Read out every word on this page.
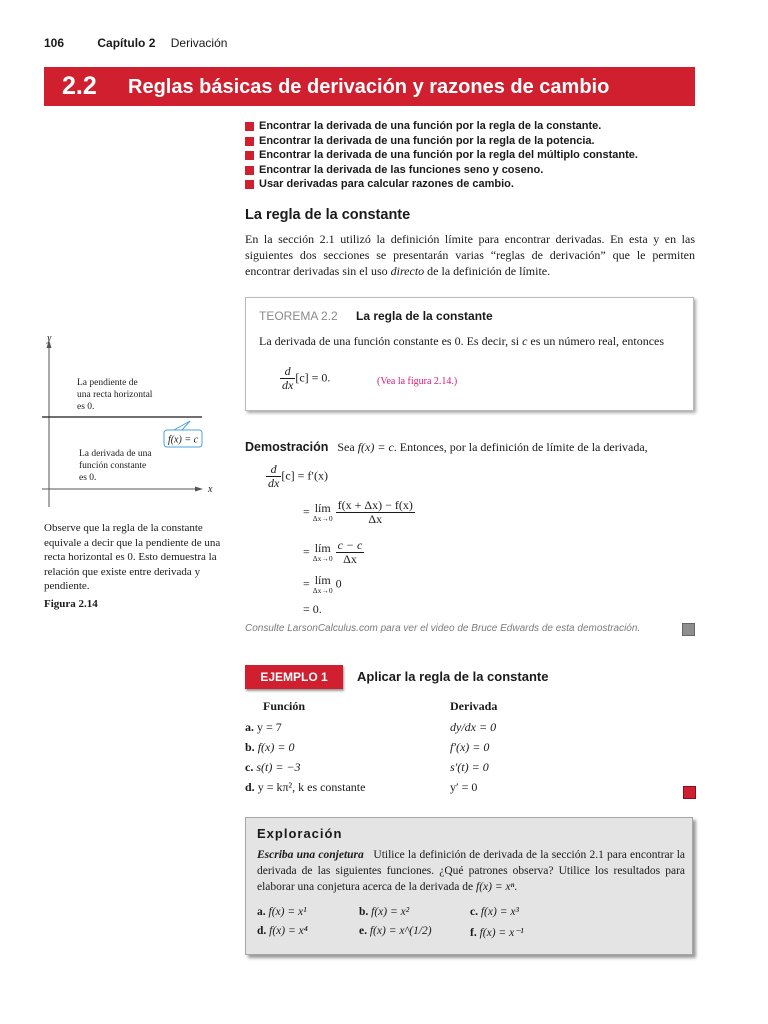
106	Capítulo 2 Derivación
2.2 Reglas básicas de derivación y razones de cambio
Encontrar la derivada de una función por la regla de la constante.
Encontrar la derivada de una función por la regla de la potencia.
Encontrar la derivada de una función por la regla del múltiplo constante.
Encontrar la derivada de las funciones seno y coseno.
Usar derivadas para calcular razones de cambio.
La regla de la constante
En la sección 2.1 utilizó la definición límite para encontrar derivadas. En esta y en las siguientes dos secciones se presentarán varias “reglas de derivación” que le permiten encontrar derivadas sin el uso directo de la definición de límite.
TEOREMA 2.2 La regla de la constante
La derivada de una función constante es 0. Es decir, si c es un número real, entonces
$\frac{d}{dx} [c] = 0$.	(Vea la figura 2.14.)
Demostración Sea f(x) = c. Entonces, por la definición de límite de la derivada,
$\frac{d}{dx} [c] = f'(x)$
= lím
Δx→0
$\frac{f(x + \Delta x) - f(x)}{\Delta x}$
= lím
Δx→0
$\frac{c - c}{\Delta x}$
= lím
Δx→0
0
= 0.
Consulte LarsonCalculus.com para ver el video de Bruce Edwards de esta demostración.
EJEMPLO 1	Aplicar la regla de la constante
Función	Derivada
a. y = 7	dy/dx = 0
b. f(x) = 0	f′(x) = 0
c. s(t) = −3	s′(t) = 0
d. y = kπ², k es constante	y′ = 0
Exploración
Escriba una conjetura Utilice la definición de derivada de la sección 2.1 para encontrar la derivada de las siguientes funciones. ¿Qué patrones observa? Utilice los resultados para elaborar una conjetura acerca de la derivada de f(x) = xⁿ.
a. f(x) = x¹	b. f(x) = x²	c. f(x) = x³
d. f(x) = x⁴	e. f(x) = x^(1/2)	f. f(x) = x⁻¹
f(x) = c
y
x
La pendiente de
una recta horizontal
es 0.
La derivada de una
función constante
es 0.
Observe que la regla de la constante equivale a decir que la pendiente de una recta horizontal es 0. Esto demuestra la relación que existe entre derivada y pendiente.
Figura 2.14
